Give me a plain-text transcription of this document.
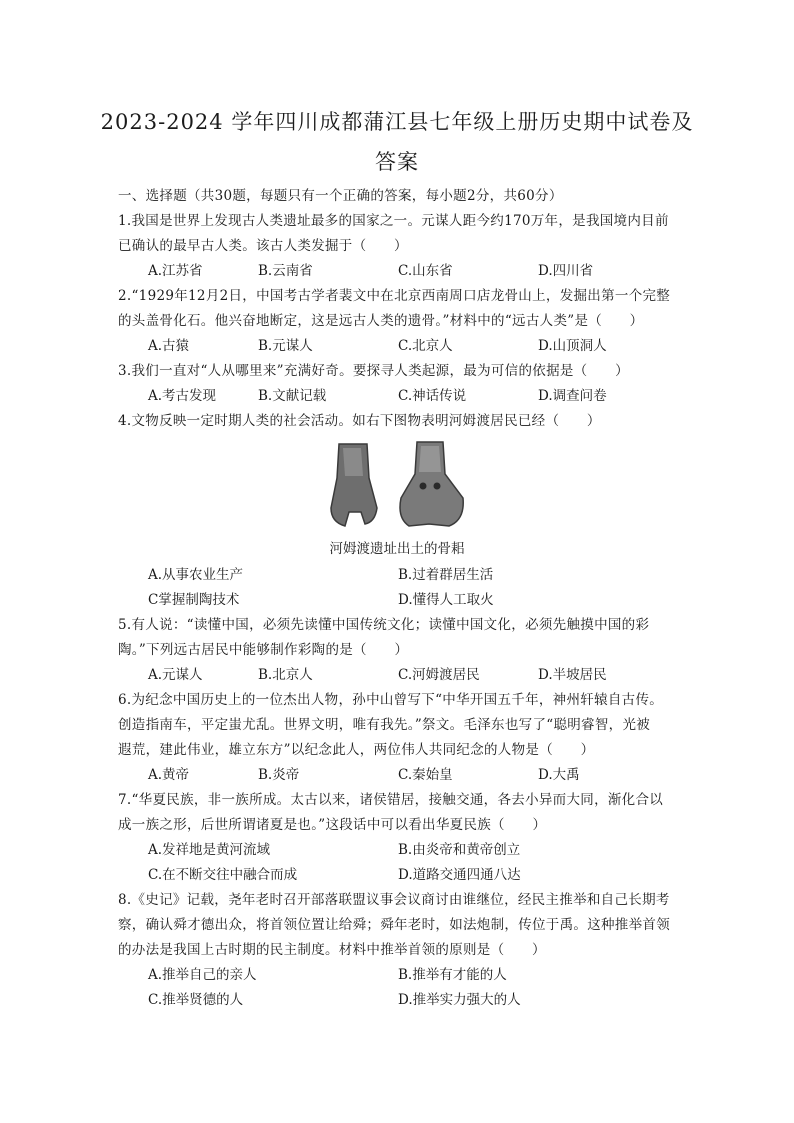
2023-2024 学年四川成都蒲江县七年级上册历史期中试卷及
答案
一、选择题（共30题，每题只有一个正确的答案，每小题2分，共60分）
1.我国是世界上发现古人类遗址最多的国家之一。元谋人距今约170万年，是我国境内目前
已确认的最早古人类。该古人类发掘于（　　）
A.江苏省	B.云南省	C.山东省	D.四川省
2.“1929年12月2日，中国考古学者裴文中在北京西南周口店龙骨山上，发掘出第一个完整
的头盖骨化石。他兴奋地断定，这是远古人类的遗骨。”材料中的“远古人类”是（　　）
A.古猿	B.元谋人	C.北京人	D.山顶洞人
3.我们一直对“人从哪里来”充满好奇。要探寻人类起源，最为可信的依据是（　　）
A.考古发现	B.文献记载	C.神话传说	D.调查问卷
4.文物反映一定时期人类的社会活动。如右下图物表明河姆渡居民已经（　　）
河姆渡遗址出土的骨耜
A.从事农业生产	B.过着群居生活
C掌握制陶技术	D.懂得人工取火
5.有人说：“读懂中国，必须先读懂中国传统文化；读懂中国文化，必须先触摸中国的彩
陶。”下列远古居民中能够制作彩陶的是（　　）
A.元谋人	B.北京人	C.河姆渡居民	D.半坡居民
6.为纪念中国历史上的一位杰出人物，孙中山曾写下“中华开国五千年，神州轩辕自古传。
创造指南车，平定蚩尤乱。世界文明，唯有我先。”祭文。毛泽东也写了“聪明睿智，光被
遐荒，建此伟业，雄立东方”以纪念此人，两位伟人共同纪念的人物是（　　）
A.黄帝	B.炎帝	C.秦始皇	D.大禹
7.“华夏民族，非一族所成。太古以来，诸侯错居，接触交通，各去小异而大同，渐化合以
成一族之形，后世所谓诸夏是也。”这段话中可以看出华夏民族（　　）
A.发祥地是黄河流域	B.由炎帝和黄帝创立
C.在不断交往中融合而成	D.道路交通四通八达
8.《史记》记载，尧年老时召开部落联盟议事会议商讨由谁继位，经民主推举和自己长期考
察，确认舜才德出众，将首领位置让给舜；舜年老时，如法炮制，传位于禹。这种推举首领
的办法是我国上古时期的民主制度。材料中推举首领的原则是（　　）
A.推举自己的亲人	B.推举有才能的人
C.推举贤德的人	D.推举实力强大的人
